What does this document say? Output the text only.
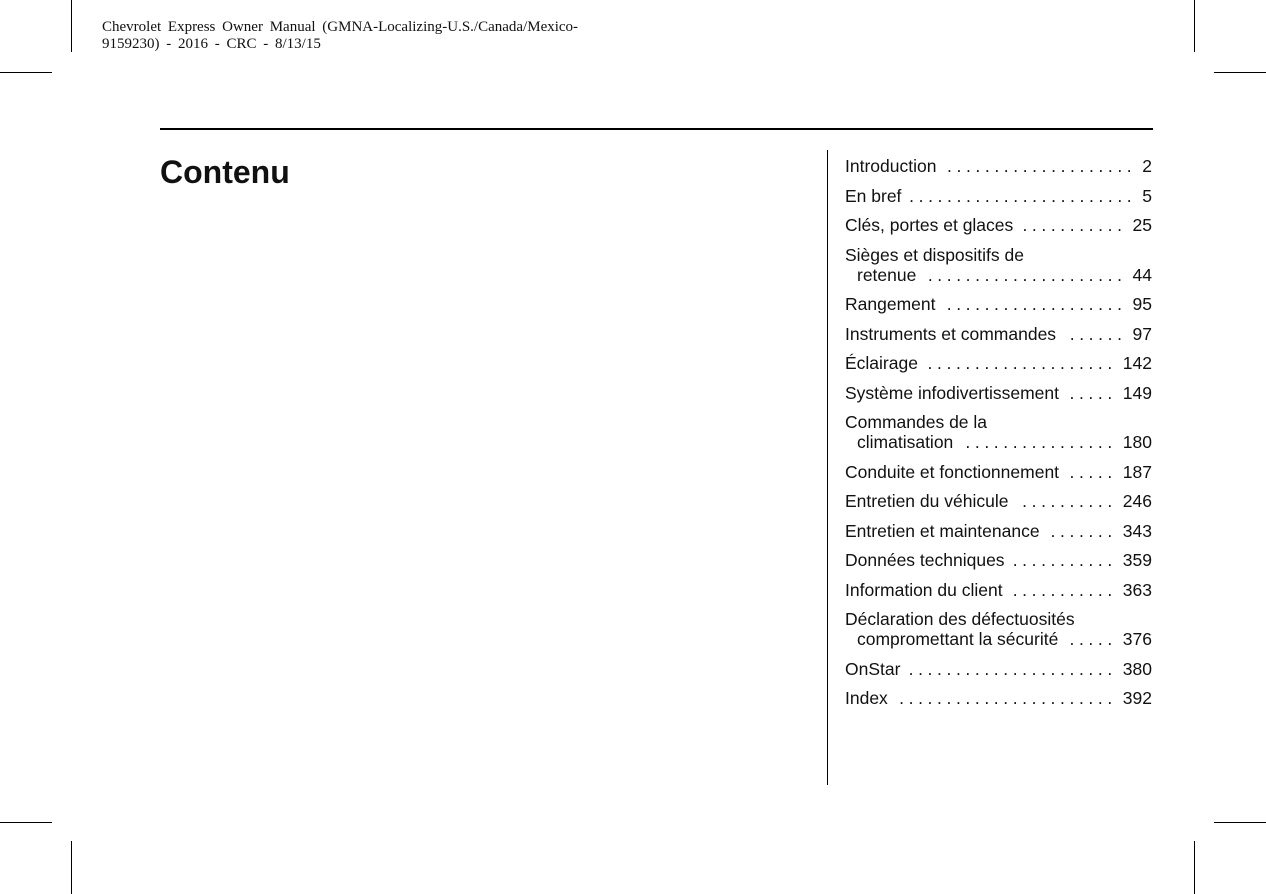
Chevrolet Express Owner Manual (GMNA-Localizing-U.S./Canada/Mexico-
9159230) - 2016 - CRC - 8/13/15
Contenu	Introduction .....	2
En bref .....	5
Clés, portes et glaces .....	25
Sièges et dispositifs de
retenue .....	44
Rangement .....	95
Instruments et commandes .....	97
Éclairage .....	142
Système infodivertissement .....	149
Commandes de la
climatisation .....	180
Conduite et fonctionnement .....	187
Entretien du véhicule .....	246
Entretien et maintenance .....	343
Données techniques .....	359
Information du client .....	363
Déclaration des défectuosités
compromettant la sécurité .....	376
OnStar .....	380
Index .....	392
